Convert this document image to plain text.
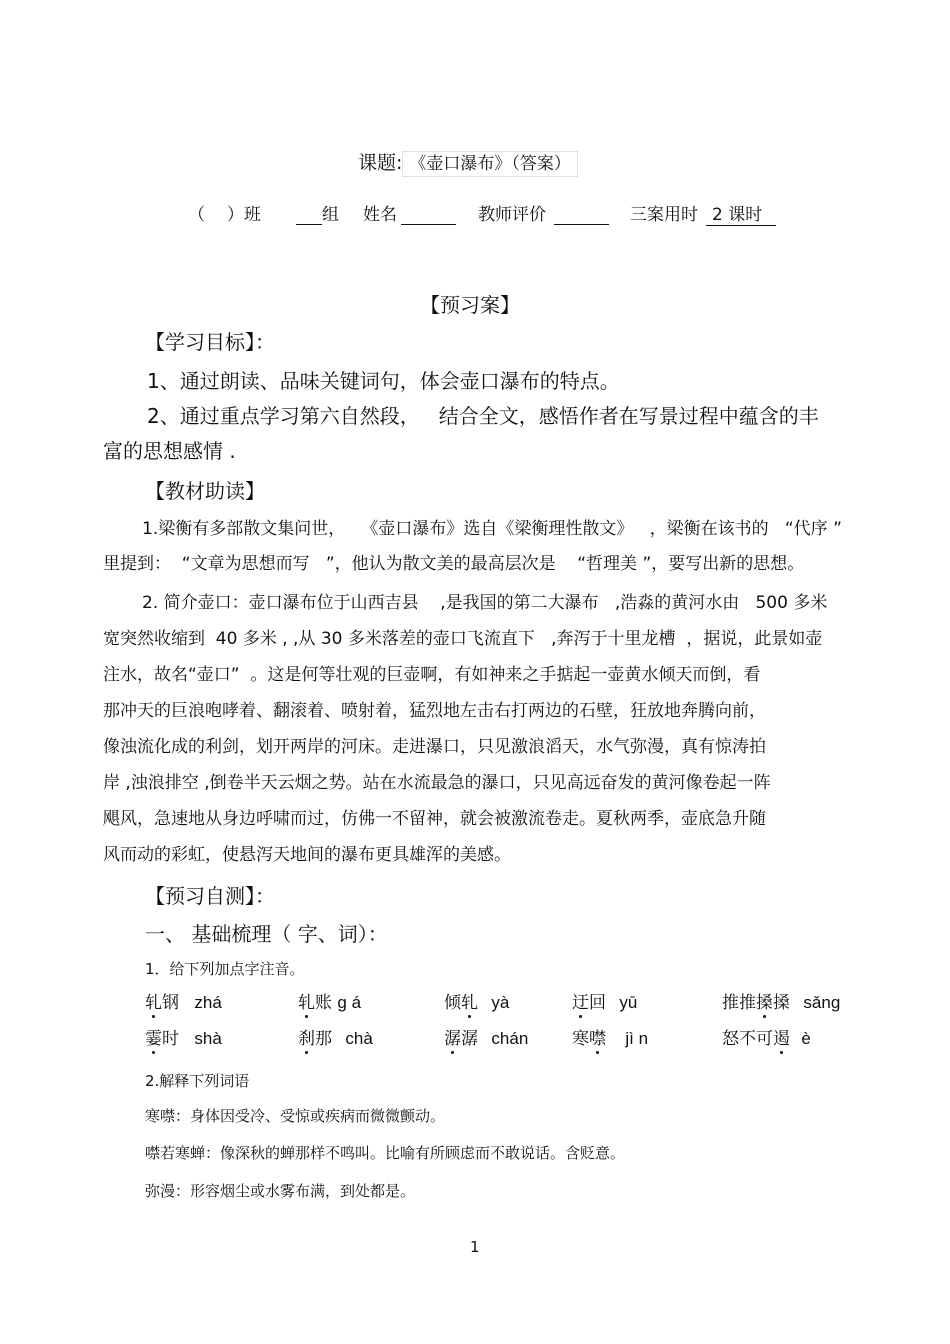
课题: 《壶口瀑布》（答案）
（ ）班	组 姓名	教师评价	三案用时 2 课时
【预习案】
【学习目标】：
1、通过朗读、品味关键词句，体会壶口瀑布的特点。
2、通过重点学习第六自然段，   结合全文，感悟作者在写景过程中蕴含的丰
富的思想感情 .
【教材助读】
1.梁衡有多部散文集问世，   《壶口瀑布》选自《梁衡理性散文》   ，梁衡在该书的   “代序 ”
里提到：  “文章为思想而写   ”，他认为散文美的最高层次是    “哲理美 ”，要写出新的思想。
2. 简介壶口：壶口瀑布位于山西吉县    ,是我国的第二大瀑布   ,浩淼的黄河水由   500 多米
宽突然收缩到  40 多米 , ,从 30 多米落差的壶口飞流直下   ,奔泻于十里龙槽  ，据说，此景如壶
注水，故名“壶口”  。这是何等壮观的巨壶啊，有如神来之手掂起一壶黄水倾天而倒，看
那冲天的巨浪咆哮着、翻滚着、喷射着，猛烈地左击右打两边的石壁，狂放地奔腾向前，
像浊流化成的利剑，划开两岸的河床。走进瀑口，只见激浪滔天，水气弥漫，真有惊涛拍
岸 ,浊浪排空 ,倒卷半天云烟之势。站在水流最急的瀑口，只见高远奋发的黄河像卷起一阵
飓风，急速地从身边呼啸而过，仿佛一不留神，就会被激流卷走。夏秋两季，壶底急升随
风而动的彩虹，使悬泻天地间的瀑布更具雄浑的美感。
【预习自测】：
一、 基础梳理（ 字、词）：
1．给下列加点字注音。
轧钢 zhá	轧账 g á	倾轧 yà	迂回 yū	推推搡搡 sǎng
霎时 shà	刹那 chà	潺潺 chán	寒噤 jì n	怒不可遏 è
2.解释下列词语
寒噤：身体因受冷、受惊或疾病而微微颤动。
噤若寒蝉：像深秋的蝉那样不鸣叫。比喻有所顾虑而不敢说话。含贬意。
弥漫：形容烟尘或水雾布满，到处都是。
1
